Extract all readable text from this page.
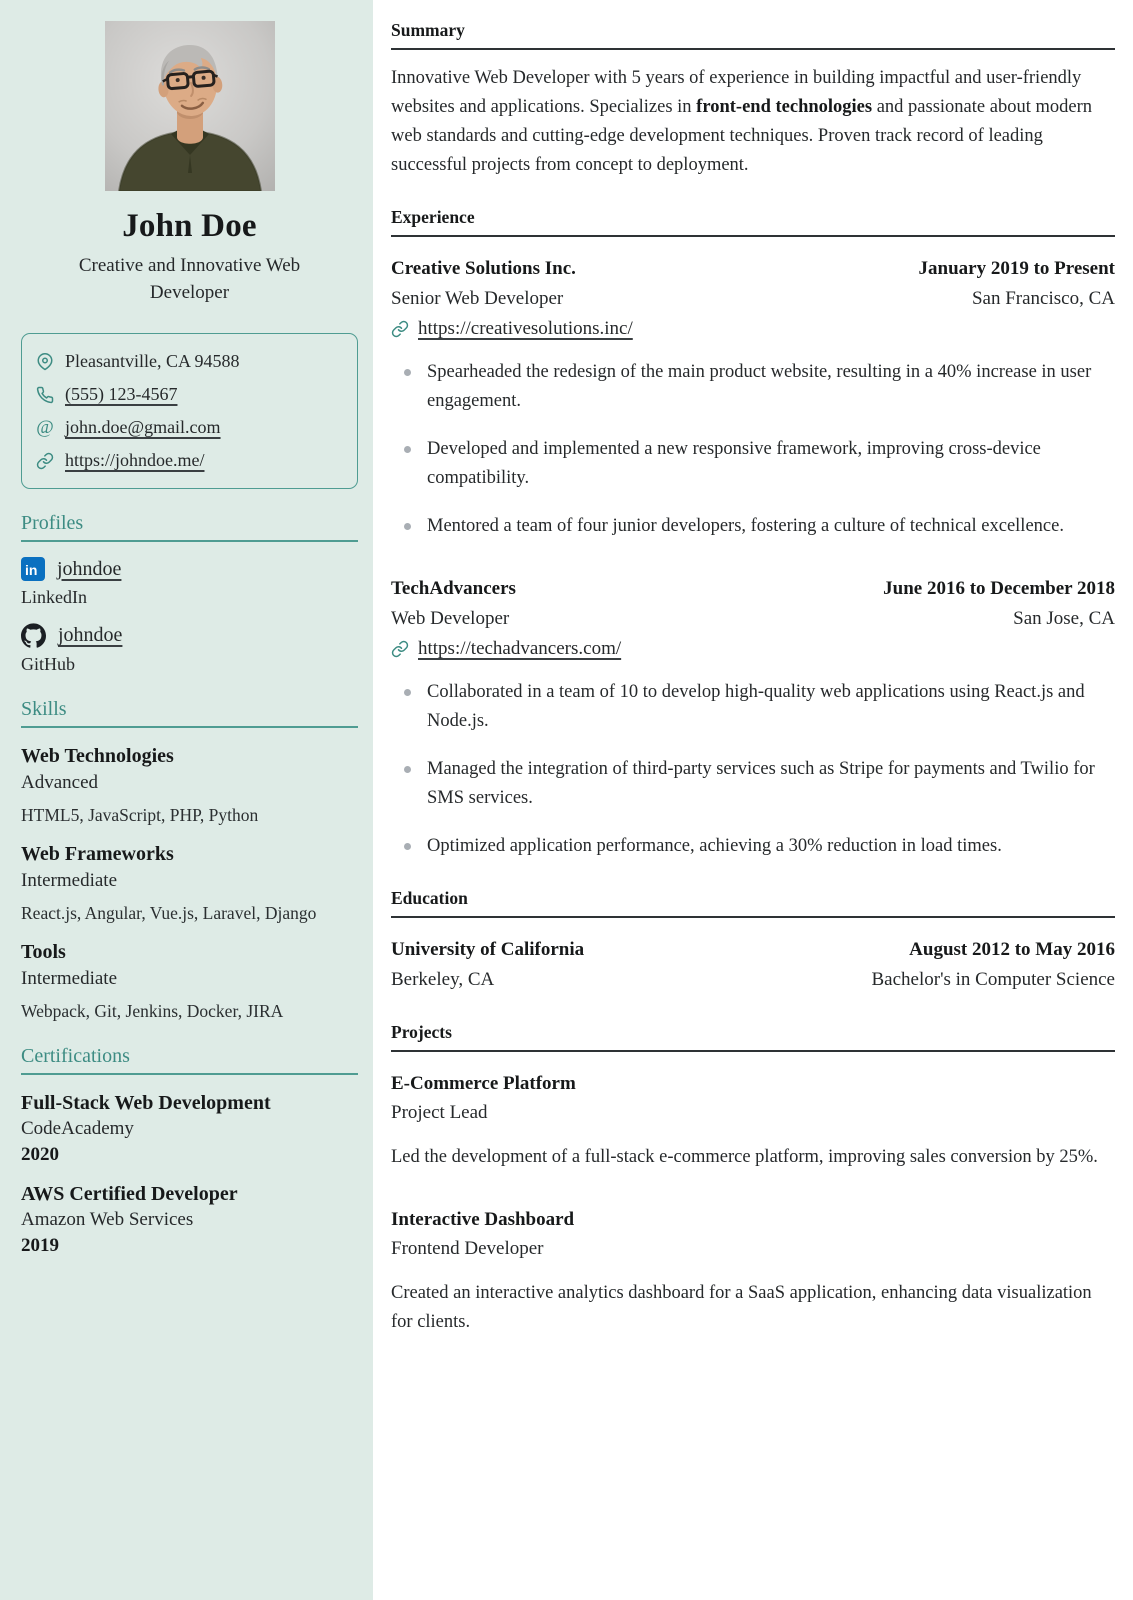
John Doe
Creative and Innovative Web Developer
Pleasantville, CA 94588
(555) 123-4567
@ john.doe@gmail.com
https://johndoe.me/
Profiles
in johndoe
LinkedIn
johndoe
GitHub
Skills
Web Technologies
Advanced
HTML5, JavaScript, PHP, Python
Web Frameworks
Intermediate
React.js, Angular, Vue.js, Laravel, Django
Tools
Intermediate
Webpack, Git, Jenkins, Docker, JIRA
Certifications
Full-Stack Web Development
CodeAcademy
2020
AWS Certified Developer
Amazon Web Services
2019
Summary

Innovative Web Developer with 5 years of experience in building impactful and user-friendly websites and applications. Specializes in front-end technologies and passionate about modern web standards and cutting-edge development techniques. Proven track record of leading successful projects from concept to deployment.

Experience
Creative Solutions Inc.	January 2019 to Present
Senior Web Developer	San Francisco, CA
https://creativesolutions.inc/
Spearheaded the redesign of the main product website, resulting in a 40% increase in user engagement.
Developed and implemented a new responsive framework, improving cross-device compatibility.
Mentored a team of four junior developers, fostering a culture of technical excellence.
TechAdvancers	June 2016 to December 2018
Web Developer	San Jose, CA
https://techadvancers.com/
Collaborated in a team of 10 to develop high-quality web applications using React.js and Node.js.
Managed the integration of third-party services such as Stripe for payments and Twilio for SMS services.
Optimized application performance, achieving a 30% reduction in load times.
Education
University of California	August 2012 to May 2016
Berkeley, CA	Bachelor's in Computer Science
Projects
E-Commerce Platform
Project Lead

Led the development of a full-stack e-commerce platform, improving sales conversion by 25%.

Interactive Dashboard
Frontend Developer

Created an interactive analytics dashboard for a SaaS application, enhancing data visualization for clients.
